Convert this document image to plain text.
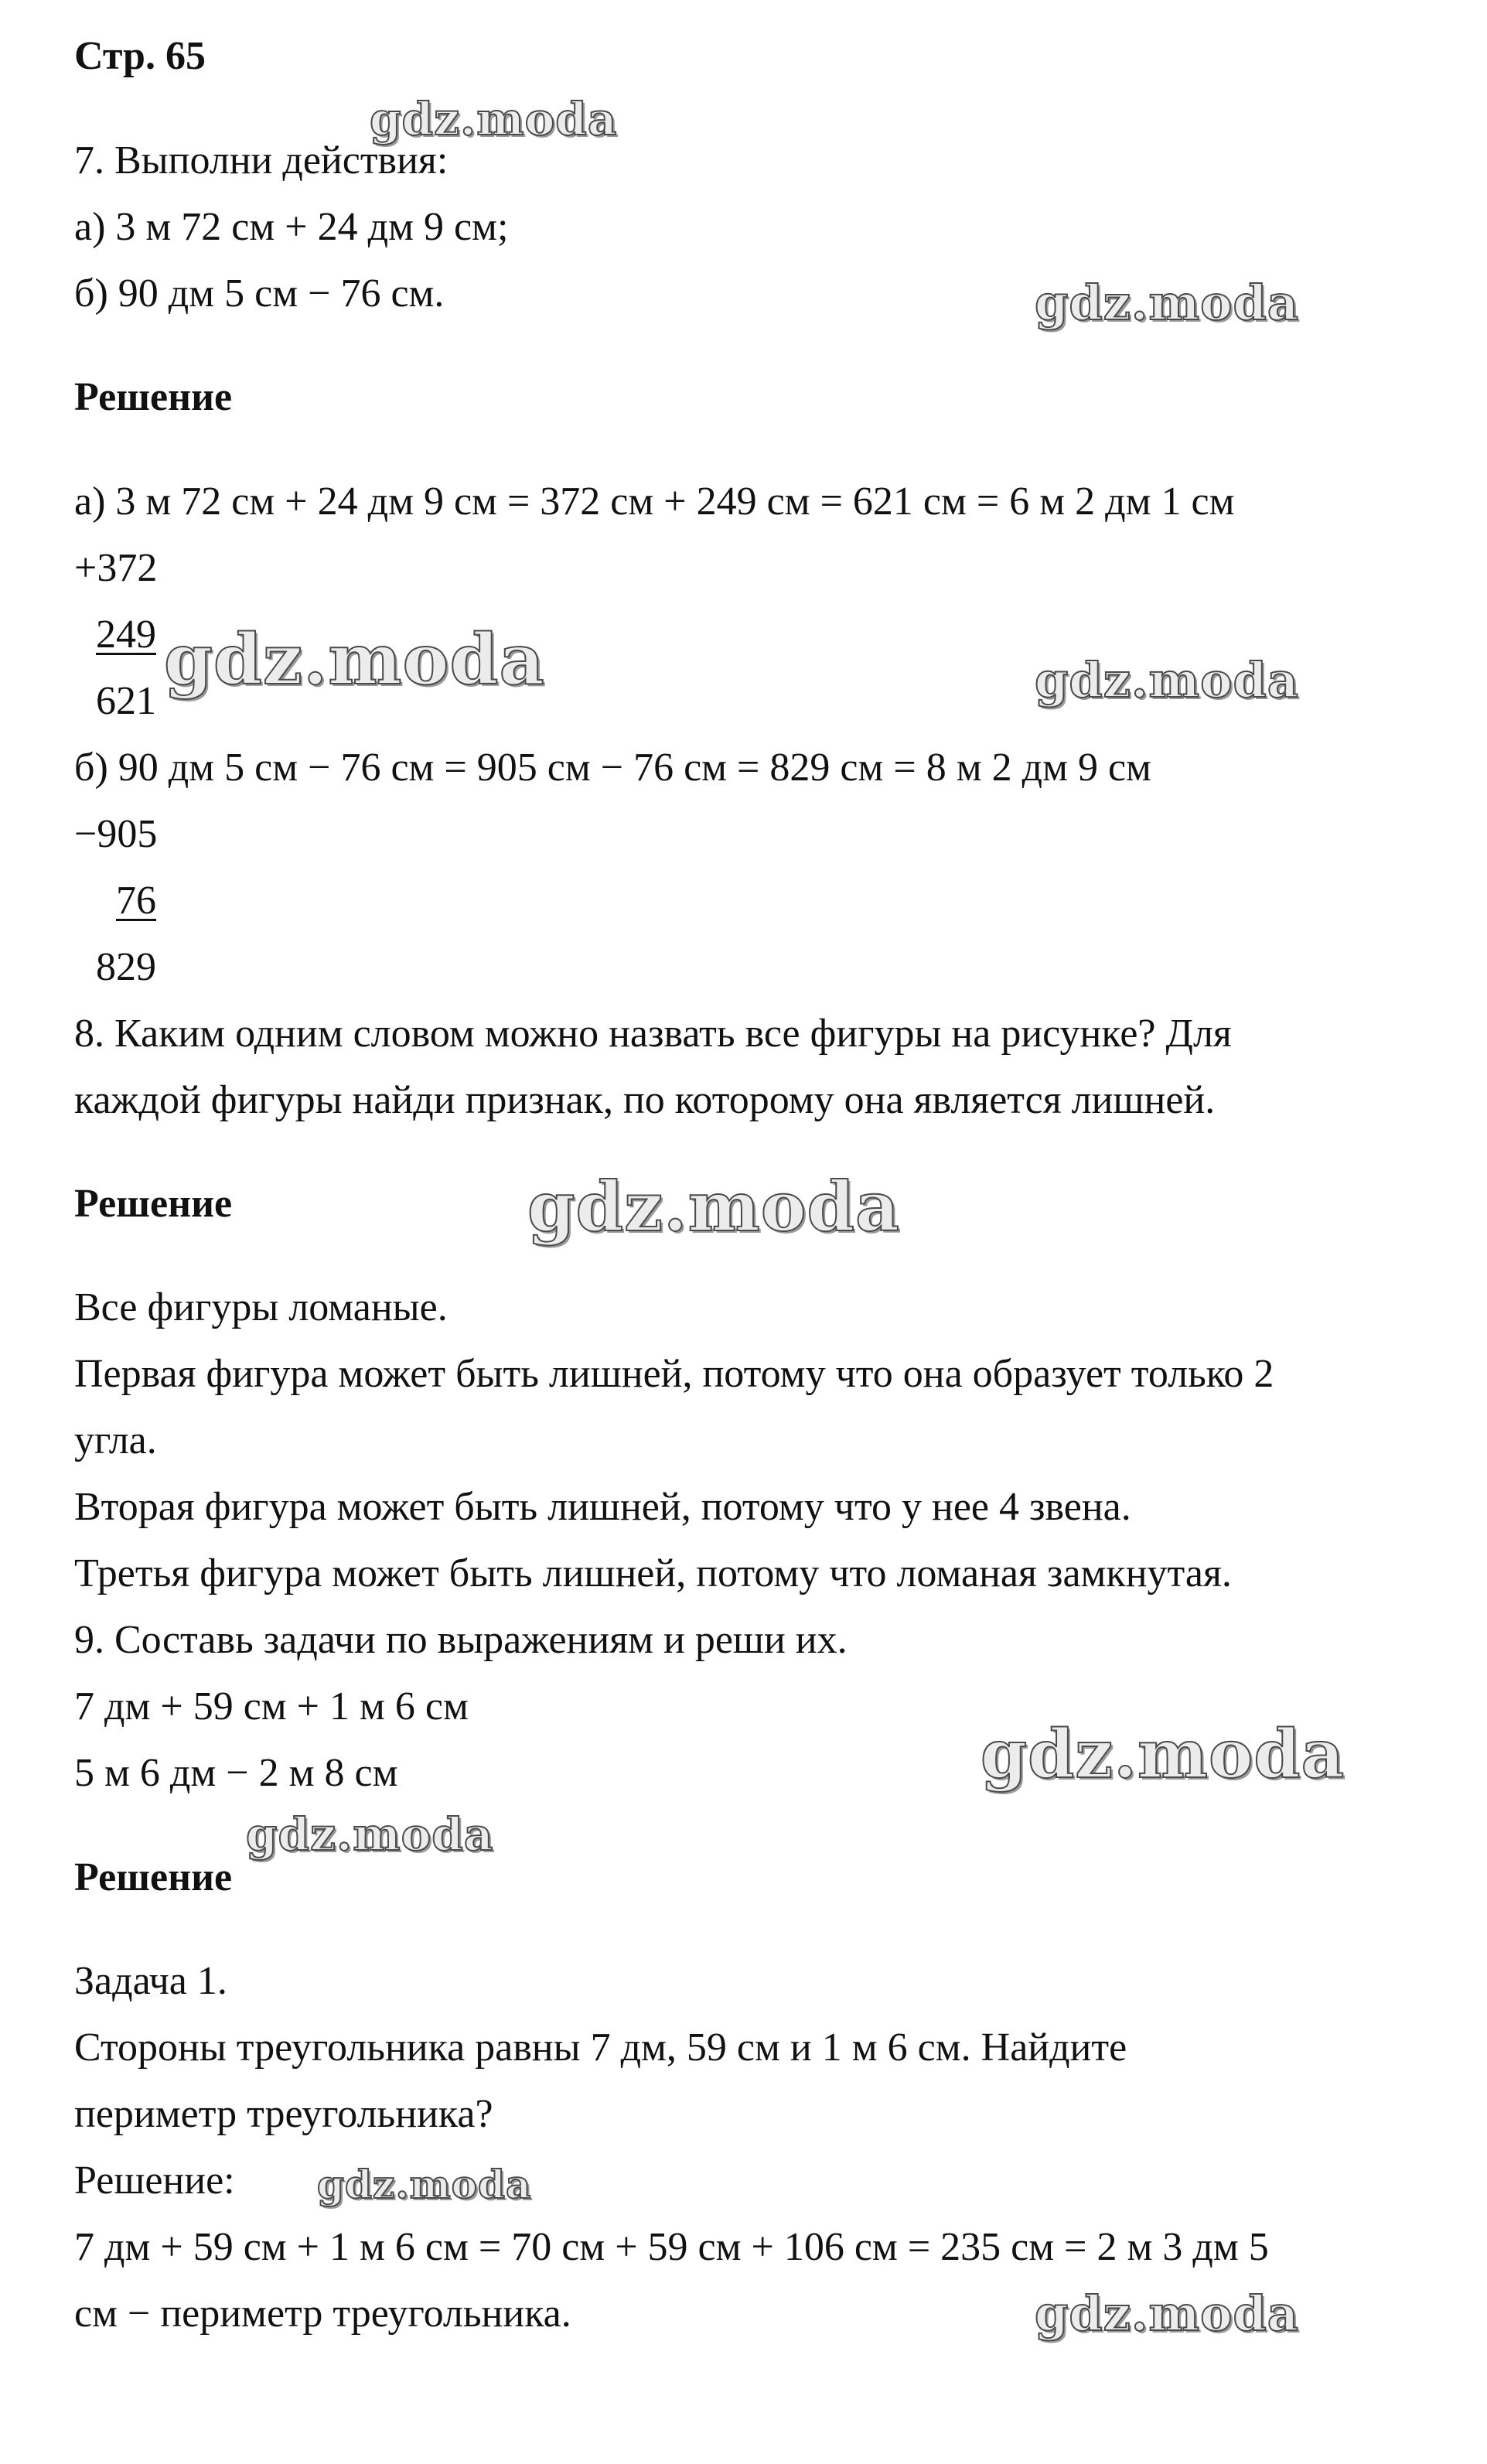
Стр. 65

7. Выполни действия:

а) 3 м 72 см + 24 дм 9 см;

б) 90 дм 5 см − 76 см.

Решение

а) 3 м 72 см + 24 дм 9 см = 372 см + 249 см = 621 см = 6 м 2 дм 1 см

+372

249

621

б) 90 дм 5 см − 76 см = 905 см − 76 см = 829 см = 8 м 2 дм 9 см

−905

76

829

8. Каким одним словом можно назвать все фигуры на рисунке? Для

каждой фигуры найди признак, по которому она является лишней.

Решение

Все фигуры ломаные.

Первая фигура может быть лишней, потому что она образует только 2

угла.

Вторая фигура может быть лишней, потому что у нее 4 звена.

Третья фигура может быть лишней, потому что ломаная замкнутая.

9. Составь задачи по выражениям и реши их.

7 дм + 59 см + 1 м 6 см

5 м 6 дм − 2 м 8 см

Решение

Задача 1.

Стороны треугольника равны 7 дм, 59 см и 1 м 6 см. Найдите

периметр треугольника?

Решение:

7 дм + 59 см + 1 м 6 см = 70 см + 59 см + 106 см = 235 см = 2 м 3 дм 5

см − периметр треугольника.

gdz.moda
gdz.moda
gdz.moda	gdz.moda
gdz.moda
gdz.moda
gdz.moda
gdz.moda
gdz.moda
